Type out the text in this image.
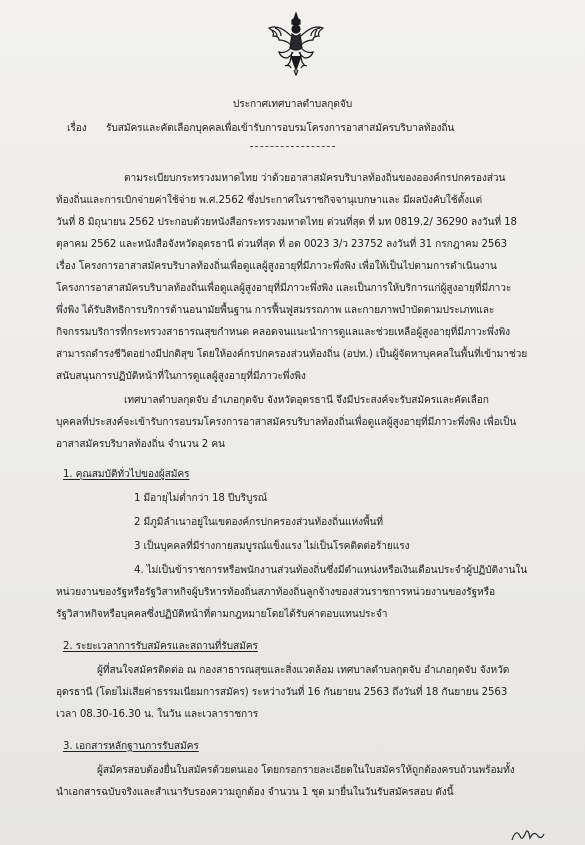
ประกาศเทศบาลตำบลกุดจับ
เรื่อง รับสมัครและคัดเลือกบุคคลเพื่อเข้ารับการอบรมโครงการอาสาสมัครบริบาลท้องถิ่น
ตามระเบียบกระทรวงมหาดไทย ว่าด้วยอาสาสมัครบริบาลท้องถิ่นของอองค์กรปกครองส่วน
ท้องถิ่นและการเบิกจ่ายค่าใช้จ่าย พ.ศ.2562 ซึ่งประกาศในราชกิจจานุเบกษาและ มีผลบังคับใช้ตั้งแต่
วันที่ 8 มิถุนายน 2562 ประกอบด้วยหนังสือกระทรวงมหาดไทย ด่วนที่สุด ที่ มท 0819.2/ 36290 ลงวันที่ 18
ตุลาคม 2562 และหนังสือจังหวัดอุดรธานี ด่วนที่สุด ที่ อด 0023 3/ว 23752 ลงวันที่ 31 กรกฎาคม 2563
เรื่อง โครงการอาสาสมัครบริบาลท้องถิ่นเพื่อดูแลผู้สูงอายุที่มีภาวะพึ่งพิง เพื่อให้เป็นไปตามการดำเนินงาน
โครงการอาสาสมัครบริบาลท้องถิ่นเพื่อดูแลผู้สูงอายุที่มีภาวะพึ่งพิง และเป็นการให้บริการแก่ผู้สูงอายุที่มีภาวะ
พึ่งพิง ได้รับสิทธิการบริการด้านอนามัยพื้นฐาน การฟื้นฟูสมรรถภาพ และกายภาพบำบัดตามประเภทและ
กิจกรรมบริการที่กระทรวงสาธารณสุขกำหนด คลอดจนแนะนำการดูแลและช่วยเหลือผู้สูงอายุที่มีภาวะพึ่งพิง
สามารถดำรงชีวิตอย่างมีปกติสุข โดยให้องค์กรปกครองส่วนท้องถิ่น (อปท.) เป็นผู้จัดหาบุคคลในพื้นที่เข้ามาช่วย
สนับสนุนการปฏิบัติหน้าที่ในการดูแลผู้สูงอายุที่มีภาวะพึ่งพิง
เทศบาลตำบลกุดจับ อำเภอกุดจับ จังหวัดอุดรธานี จึงมีประสงค์จะรับสมัครและคัดเลือก
บุคคลที่ประสงค์จะเข้ารับการอบรมโครงการอาสาสมัครบริบาลท้องถิ่นเพื่อดูแลผู้สูงอายุที่มีภาวะพึ่งพิง เพื่อเป็น
อาสาสมัครบริบาลท้องถิ่น จำนวน 2 คน
1. คุณสมบัติทั่วไปของผู้สมัคร
1 มีอายุไม่ต่ำกว่า 18 ปีบริบูรณ์
2 มีภูมิลำเนาอยู่ในเขตองค์กรปกครองส่วนท้องถิ่นแห่งพื้นที่
3 เป็นบุคคลที่มีร่างกายสมบูรณ์แข็งแรง ไม่เป็นโรคติดต่อร้ายแรง
4. ไม่เป็นข้าราชการหรือพนักงานส่วนท้องถิ่นซึ่งมีตำแหน่งหรือเงินเดือนประจำผู้ปฏิบัติงานใน
หน่วยงานของรัฐหรือรัฐวิสาหกิจผู้บริหารท้องถิ่นสภาท้องถิ่นลูกจ้างของส่วนราชการหน่วยงานของรัฐหรือ
รัฐวิสาหกิจหรือบุคคลซึ่งปฏิบัติหน้าที่ตามกฎหมายโดยได้รับค่าตอบแทนประจำ
2. ระยะเวลาการรับสมัครและสถานที่รับสมัคร
ผู้ที่สนใจสมัครติดต่อ ณ กองสาธารณสุขและสิ่งแวดล้อม เทศบาลตำบลกุดจับ อำเภอกุดจับ จังหวัด
อุดรธานี (โดยไม่เสียค่าธรรมเนียมการสมัคร) ระหว่างวันที่ 16 กันยายน 2563 ถึงวันที่ 18 กันยายน 2563
เวลา 08.30-16.30 น. ในวัน และเวลาราชการ
3. เอกสารหลักฐานการรับสมัคร
ผู้สมัครสอบต้องยื่นใบสมัครด้วยตนเอง โดยกรอกรายละเอียดในใบสมัครให้ถูกต้องครบถ้วนพร้อมทั้ง
นำเอกสารฉบับจริงและสำเนารับรองความถูกต้อง จำนวน 1 ชุด มายื่นในวันรับสมัครสอบ ดังนี้
